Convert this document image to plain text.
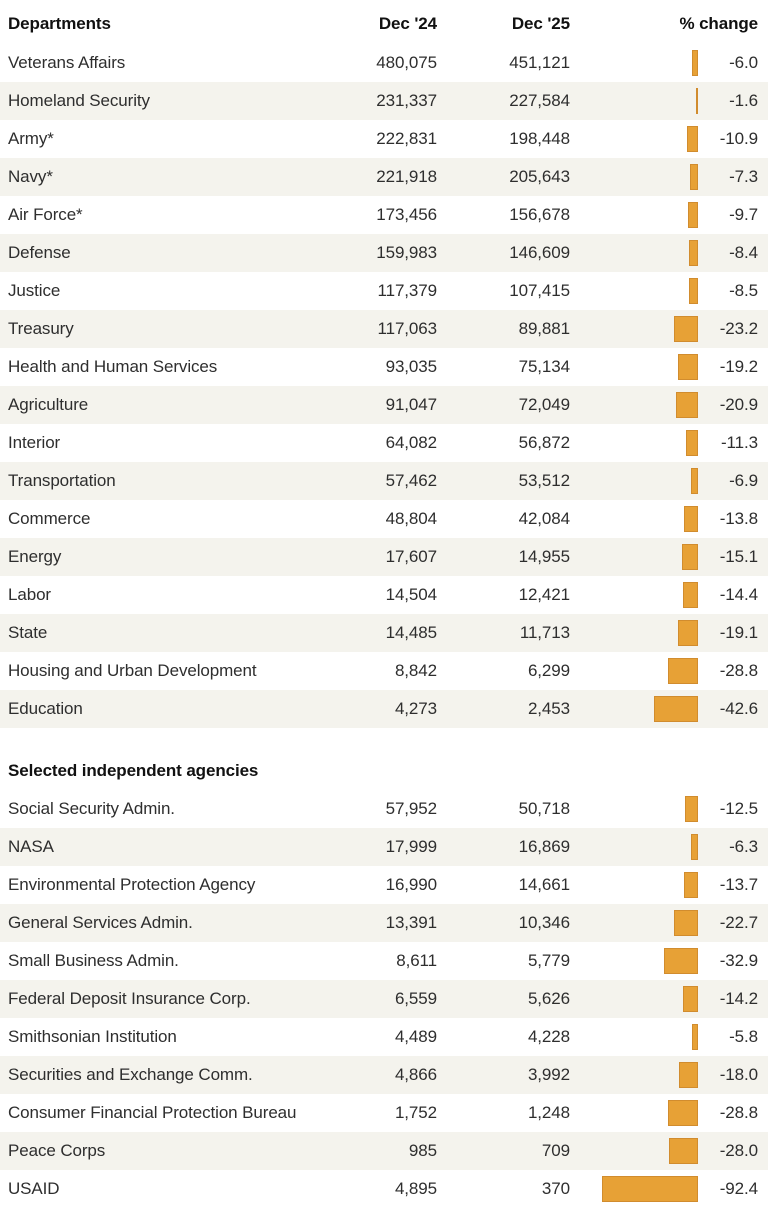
Departments	Dec '24	Dec '25	% change
Veterans Affairs	480,075	451,121	-6.0
Homeland Security	231,337	227,584	-1.6
Army*	222,831	198,448	-10.9
Navy*	221,918	205,643	-7.3
Air Force*	173,456	156,678	-9.7
Defense	159,983	146,609	-8.4
Justice	117,379	107,415	-8.5
Treasury	117,063	89,881	-23.2
Health and Human Services	93,035	75,134	-19.2
Agriculture	91,047	72,049	-20.9
Interior	64,082	56,872	-11.3
Transportation	57,462	53,512	-6.9
Commerce	48,804	42,084	-13.8
Energy	17,607	14,955	-15.1
Labor	14,504	12,421	-14.4
State	14,485	11,713	-19.1
Housing and Urban Development	8,842	6,299	-28.8
Education	4,273	2,453	-42.6
Selected independent agencies
Social Security Admin.	57,952	50,718	-12.5
NASA	17,999	16,869	-6.3
Environmental Protection Agency	16,990	14,661	-13.7
General Services Admin.	13,391	10,346	-22.7
Small Business Admin.	8,611	5,779	-32.9
Federal Deposit Insurance Corp.	6,559	5,626	-14.2
Smithsonian Institution	4,489	4,228	-5.8
Securities and Exchange Comm.	4,866	3,992	-18.0
Consumer Financial Protection Bureau	1,752	1,248	-28.8
Peace Corps	985	709	-28.0
USAID	4,895	370	-92.4
